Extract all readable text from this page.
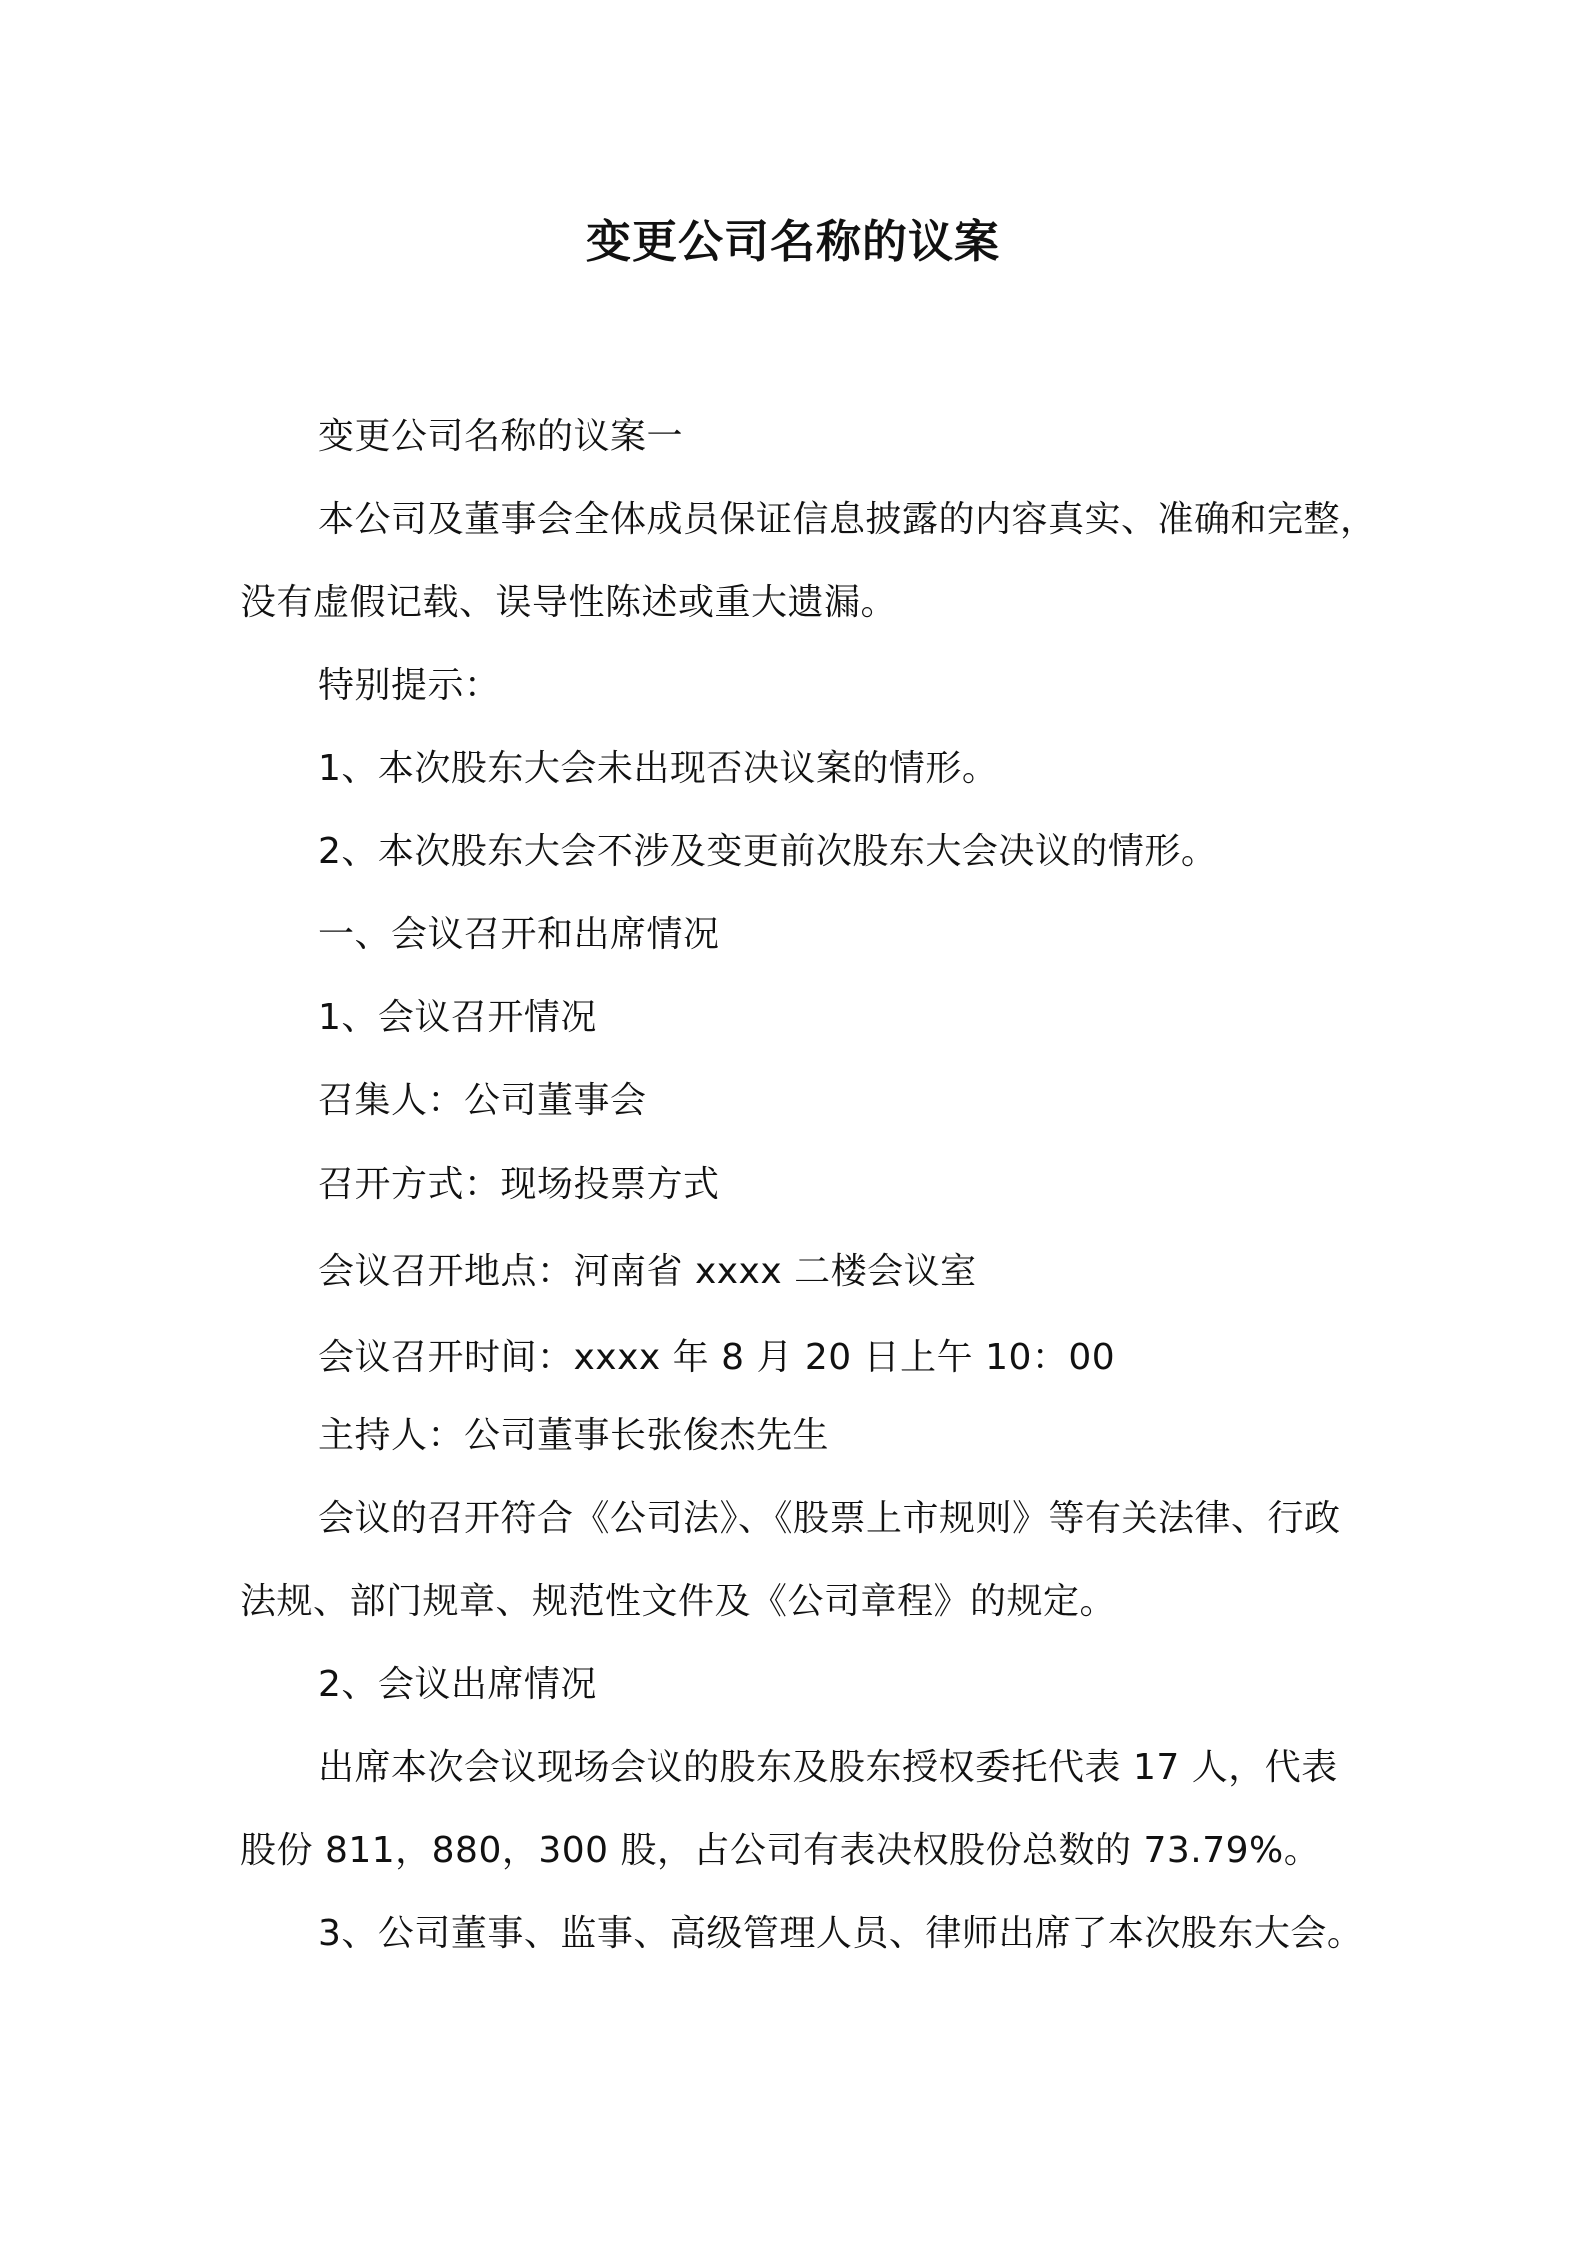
变更公司名称的议案

变更公司名称的议案一

本公司及董事会全体成员保证信息披露的内容真实、准确和完整，

没有虚假记载、误导性陈述或重大遗漏。

特别提示：

1、本次股东大会未出现否决议案的情形。

2、本次股东大会不涉及变更前次股东大会决议的情形。

一、会议召开和出席情况

1、会议召开情况

召集人：公司董事会

召开方式：现场投票方式

会议召开地点：河南省 xxxx 二楼会议室

会议召开时间：xxxx 年 8 月 20 日上午 10：00

主持人：公司董事长张俊杰先生

会议的召开符合《公司法》、《股票上市规则》等有关法律、行政

法规、部门规章、规范性文件及《公司章程》的规定。

2、会议出席情况

出席本次会议现场会议的股东及股东授权委托代表 17 人，代表

股份 811，880，300 股，占公司有表决权股份总数的 73.79%。

3、公司董事、监事、高级管理人员、律师出席了本次股东大会。
